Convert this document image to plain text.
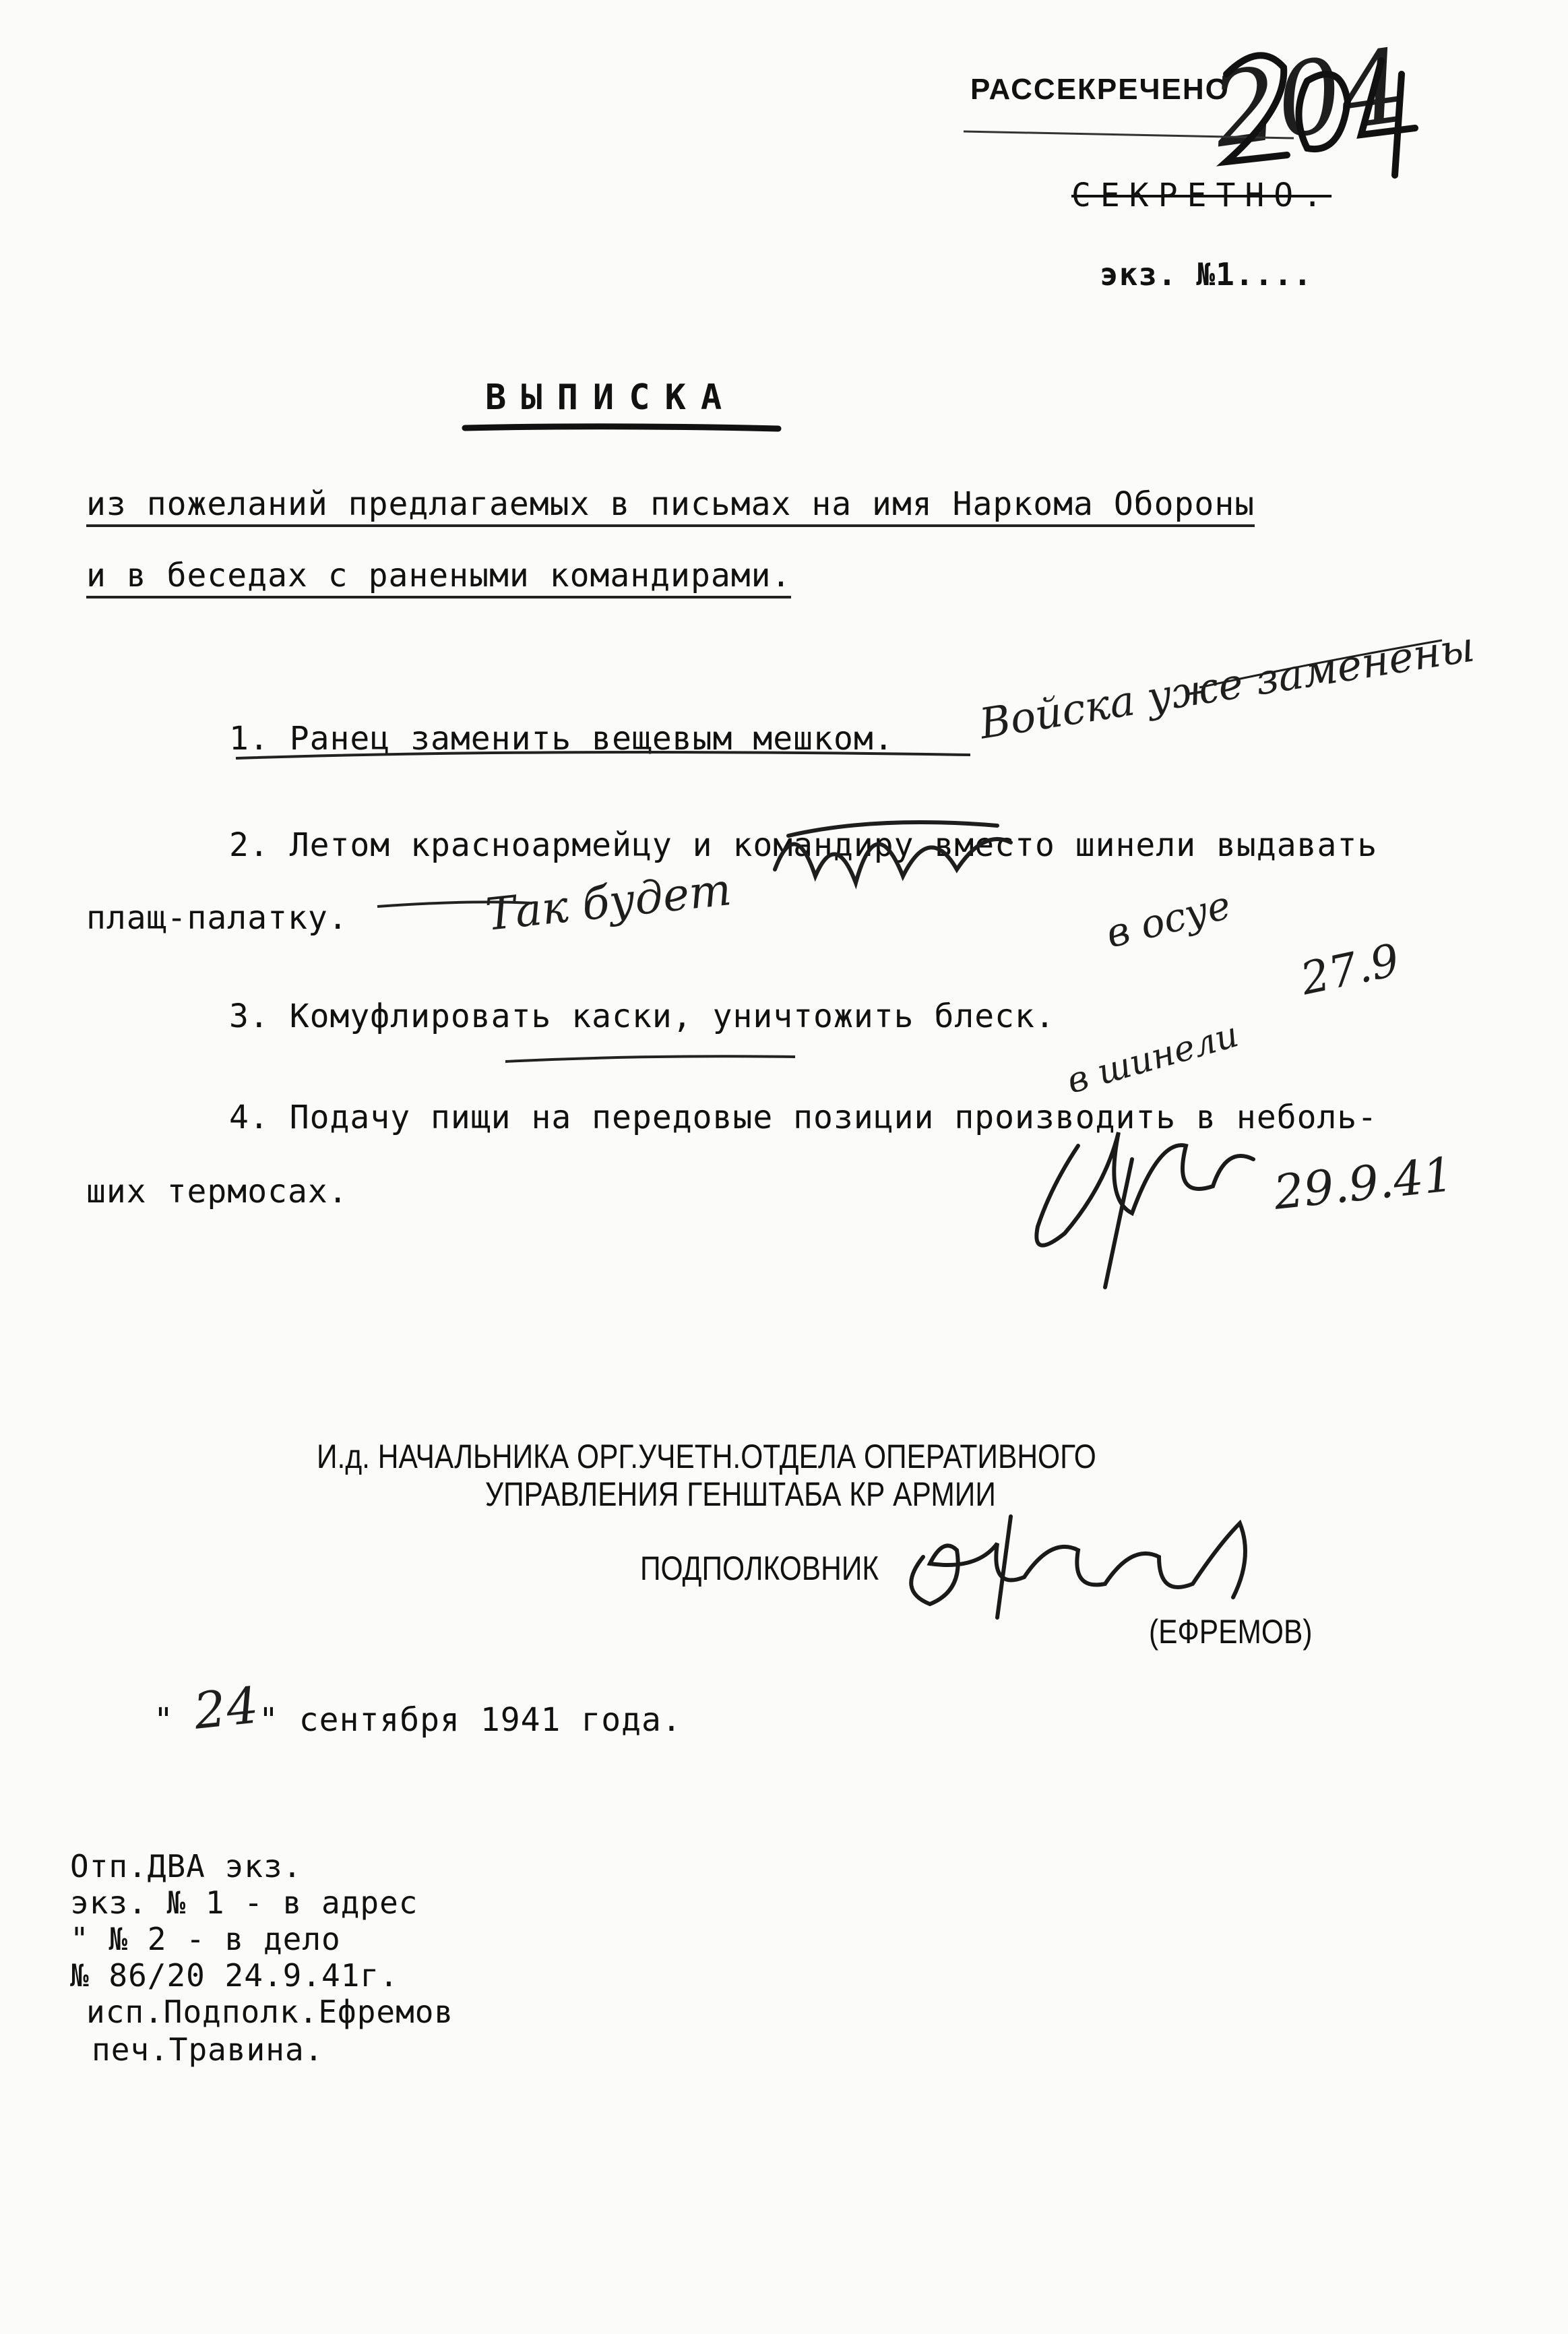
РАССЕКРЕЧЕНО
СЕКРЕТНО.
экз. №1....
204
ВЫПИСКА
из пожеланий предлагаемых в письмах на имя Наркома Обороны
и в беседах с ранеными командирами.
1. Ранец заменить вещевым мешком.
2. Летом красноармейцу и командиру вместо шинели выдавать
плащ-палатку.
3. Комуфлировать каски, уничтожить блеск.
4. Подачу пищи на передовые позиции производить в неболь-
ших термосах.
Войска уже заменены
Так будет	в осуе
27.9
в шинели
29.9.41
И.д. НАЧАЛЬНИКА ОРГ.УЧЕТН.ОТДЕЛА ОПЕРАТИВНОГО
УПРАВЛЕНИЯ ГЕНШТАБА КР АРМИИ
ПОДПОЛКОВНИК
(ЕФРЕМОВ)
" 24" сентября 1941 года.
Отп.ДВА экз.
экз. № 1 - в адрес
" № 2 - в дело
№ 86/20 24.9.41г.
исп.Подполк.Ефремов
печ.Травина.
